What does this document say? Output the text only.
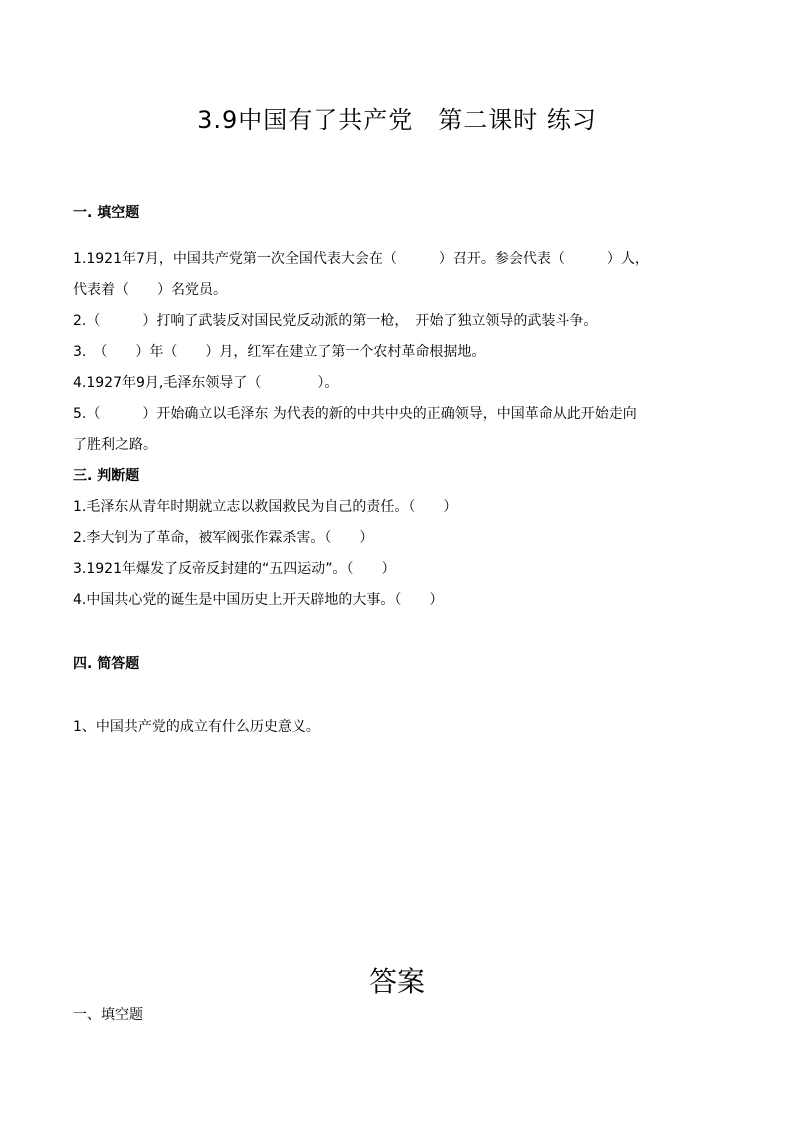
3.9中国有了共产党　第二课时 练习
一. 填空题
1.1921年7月，中国共产党第一次全国代表大会在（　　　）召开。参会代表（　　　）人，
代表着（　　）名党员。
2.（　　　）打响了武装反对国民党反动派的第一枪，　开始了独立领导的武装斗争。
3.　（　　）年（　　）月，红军在建立了第一个农村革命根据地。
4.1927年9月,毛泽东领导了（　　　　）。
5.（　　　）开始确立以毛泽东 为代表的新的中共中央的正确领导，中国革命从此开始走向
了胜利之路。
三. 判断题
1.毛泽东从青年时期就立志以救国救民为自己的责任。（　　）
2.李大钊为了革命，被军阀张作霖杀害。（　　）
3.1921年爆发了反帝反封建的“五四运动”。（　　）
4.中国共心党的诞生是中国历史上开天辟地的大事。（　　）
四. 简答题
1、中国共产党的成立有什么历史意义。
答案
一、填空题
